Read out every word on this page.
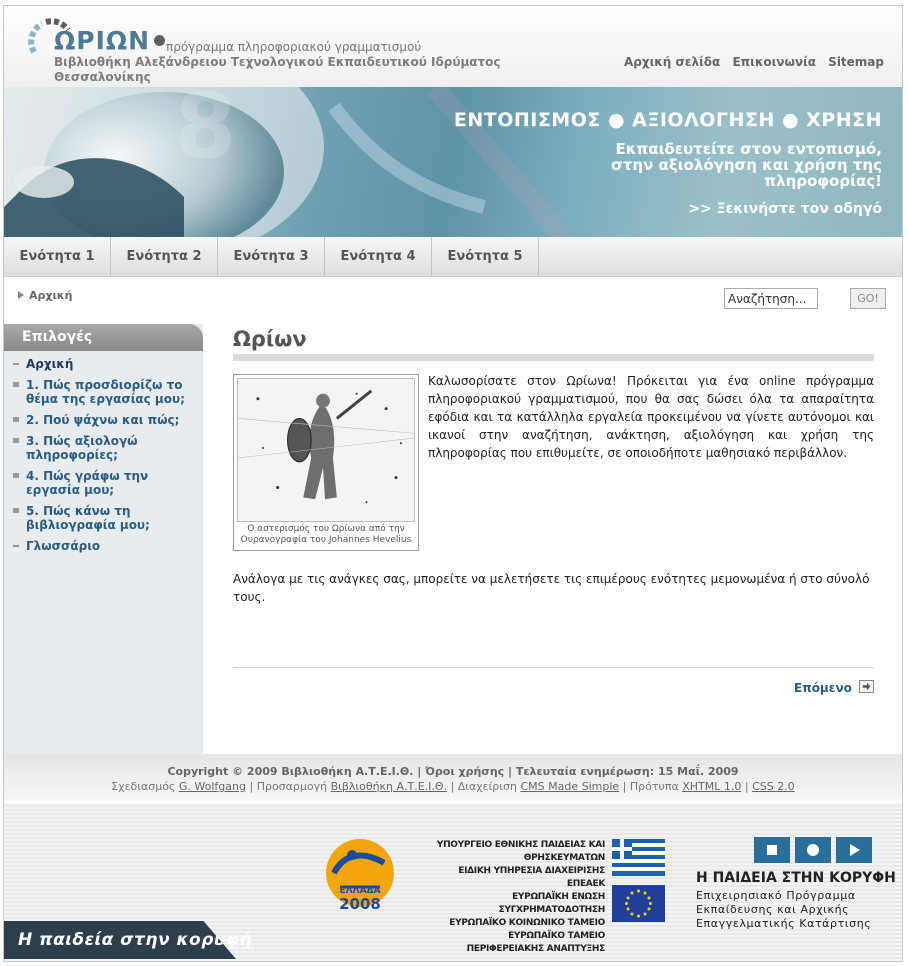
ΩΡΙΩΝ	πρόγραμμα πληροφοριακού γραμματισμού
Βιβλιοθήκη Αλεξάνδρειου Τεχνολογικού Εκπαιδευτικού Ιδρύματος Θεσσαλονίκης
Αρχική σελίδα Επικοινωνία Sitemap
8	ΕΝΤΟΠΙΣΜΟΣ ● ΑΞΙΟΛΟΓΗΣΗ ● ΧΡΗΣΗ
Εκπαιδευτείτε στον εντοπισμό, στην αξιολόγηση και χρήση της πληροφορίας!
>> Ξεκινήστε τον οδηγό
Ενότητα 1	Ενότητα 2	Ενότητα 3	Ενότητα 4	Ενότητα 5
Αρχική
Αναζήτηση...	GO!
Επιλογές
Αρχική
1. Πώς προσδιορίζω το θέμα της εργασίας μου;
2. Πού ψάχνω και πώς;
3. Πώς αξιολογώ πληροφορίες;
4. Πώς γράφω την εργασία μου;
5. Πώς κάνω τη βιβλιογραφία μου;
Γλωσσάριο
Ωρίων
Ο αστερισμός του Ωρίωνα από την Ουρανογραφία του Johannes Hevelius
Καλωσορίσατε στον Ωρίωνα! Πρόκειται για ένα online πρόγραμμα πληροφοριακού γραμματισμού, που θα σας δώσει όλα τα απαραίτητα εφόδια και τα κατάλληλα εργαλεία προκειμένου να γίνετε αυτόνομοι και ικανοί στην αναζήτηση, ανάκτηση, αξιολόγηση και χρήση της πληροφορίας που επιθυμείτε, σε οποιοδήποτε μαθησιακό περιβάλλον.
Ανάλογα με τις ανάγκες σας, μπορείτε να μελετήσετε τις επιμέρους ενότητες μεμονωμένα ή στο σύνολό τους.
Επόμενο
Copyright © 2009 Βιβλιοθήκη Α.Τ.Ε.Ι.Θ. | Όροι χρήσης | Τελευταία ενημέρωση: 15 Μαΐ. 2009
Σχεδιασμός G. Wolfgang | Προσαρμογή Βιβλιοθήκη Α.Τ.Ε.Ι.Θ. | Διαχείριση CMS Made Simple | Πρότυπα XHTML 1.0 | CSS 2.0
Η παιδεία στην κορυφή
ΕΛΛΑΔΑ
2008
ΥΠΟΥΡΓΕΙΟ ΕΘΝΙΚΗΣ ΠΑΙΔΕΙΑΣ ΚΑΙ ΘΡΗΣΚΕΥΜΑΤΩΝ
ΕΙΔΙΚΗ ΥΠΗΡΕΣΙΑ ΔΙΑΧΕΙΡΙΣΗΣ ΕΠΕΑΕΚ
ΕΥΡΩΠΑΪΚΗ ΕΝΩΣΗ
ΣΥΓΧΡΗΜΑΤΟΔΟΤΗΣΗ
ΕΥΡΩΠΑΪΚΟ ΚΟΙΝΩΝΙΚΟ ΤΑΜΕΙΟ
ΕΥΡΩΠΑΪΚΟ ΤΑΜΕΙΟ ΠΕΡΙΦΕΡΕΙΑΚΗΣ ΑΝΑΠΤΥΞΗΣ
Η ΠΑΙΔΕΙΑ ΣΤΗΝ ΚΟΡΥΦΗ
Επιχειρησιακό Πρόγραμμα Εκπαίδευσης και Αρχικής Επαγγελματικής Κατάρτισης
